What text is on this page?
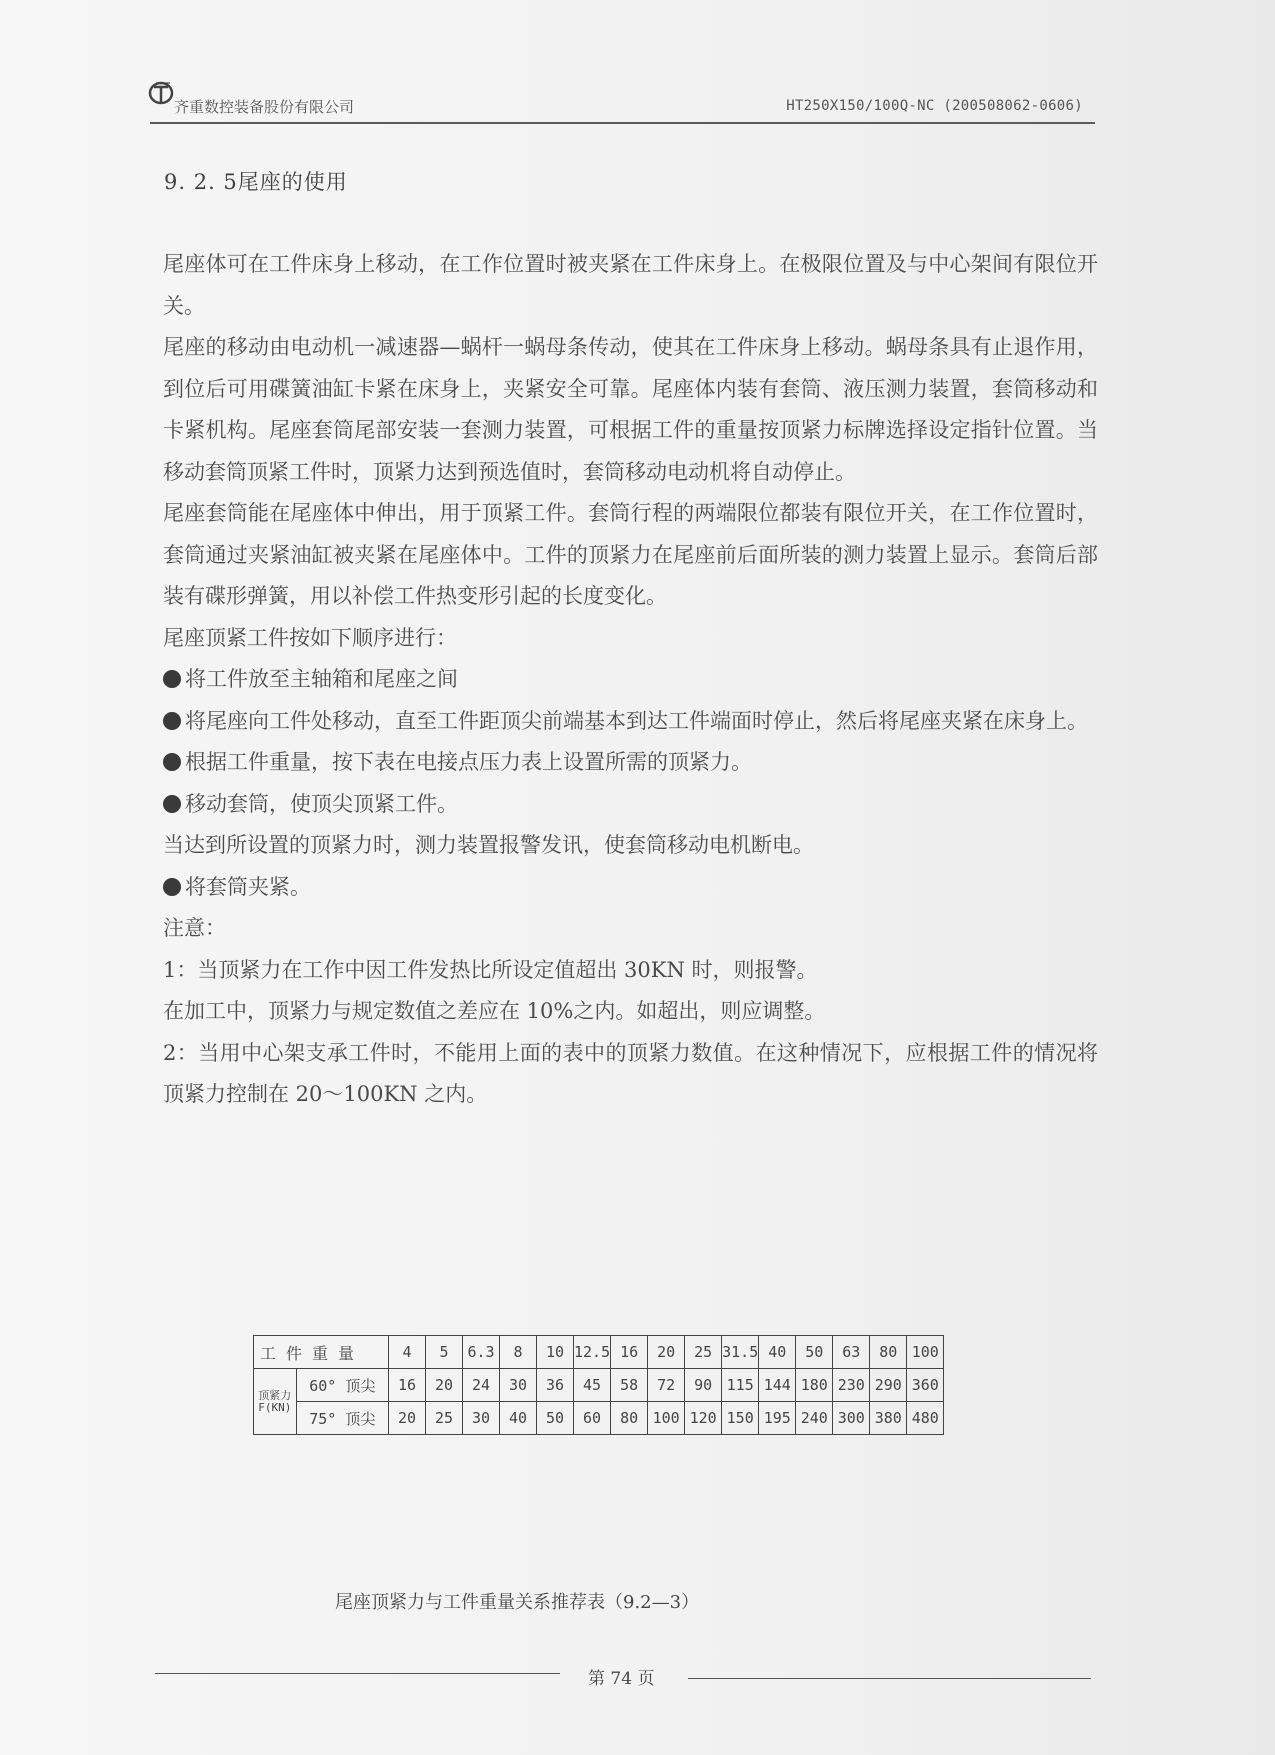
齐重数控装备股份有限公司	HT250X150/100Q-NC (200508062-0606)
9. 2. 5尾座的使用

尾座体可在工件床身上移动，在工作位置时被夹紧在工件床身上。在极限位置及与中心架间有限位开关。

尾座的移动由电动机一减速器—蜗杆一蜗母条传动，使其在工件床身上移动。蜗母条具有止退作用，到位后可用碟簧油缸卡紧在床身上，夹紧安全可靠。尾座体内装有套筒、液压测力装置，套筒移动和卡紧机构。尾座套筒尾部安装一套测力装置，可根据工件的重量按顶紧力标牌选择设定指针位置。当移动套筒顶紧工件时，顶紧力达到预选值时，套筒移动电动机将自动停止。

尾座套筒能在尾座体中伸出，用于顶紧工件。套筒行程的两端限位都装有限位开关，在工作位置时，套筒通过夹紧油缸被夹紧在尾座体中。工件的顶紧力在尾座前后面所装的测力装置上显示。套筒后部装有碟形弹簧，用以补偿工件热变形引起的长度变化。

尾座顶紧工件按如下顺序进行：

将工件放至主轴箱和尾座之间

将尾座向工件处移动，直至工件距顶尖前端基本到达工件端面时停止，然后将尾座夹紧在床身上。

根据工件重量，按下表在电接点压力表上设置所需的顶紧力。

移动套筒，使顶尖顶紧工件。

当达到所设置的顶紧力时，测力装置报警发讯，使套筒移动电机断电。

将套筒夹紧。

注意：

1：当顶紧力在工作中因工件发热比所设定值超出 30KN 时，则报警。

在加工中，顶紧力与规定数值之差应在 10%之内。如超出，则应调整。

2：当用中心架支承工件时，不能用上面的表中的顶紧力数值。在这种情况下，应根据工件的情况将顶紧力控制在 20～100KN 之内。

工件重量		4	5	6.3	8	10	12.5	16	20	25	31.5	40	50	63	80	100
顶紧力F(KN)	60° 顶尖	16	20	24	30	36	45	58	72	90	115	144	180	230	290	360
	75° 顶尖	20	25	30	40	50	60	80	100	120	150	195	240	300	380	480
尾座顶紧力与工件重量关系推荐表（9.2—3）
第 74 页
